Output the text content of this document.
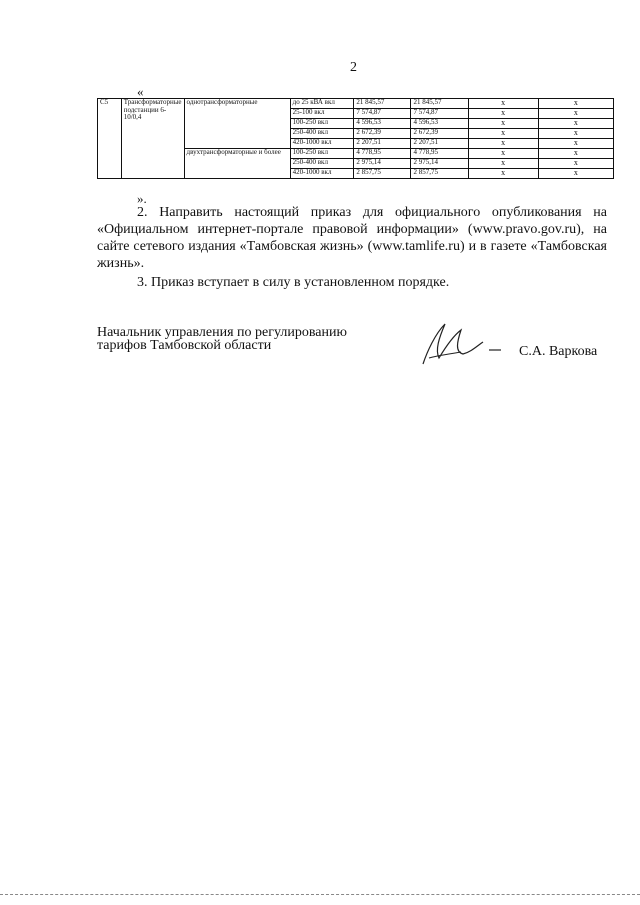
2
«
С5	Трансформаторные подстанции 6-10/0,4	однотрансформаторные	до 25 кВА вкл	21 845,57	21 845,57	х	х
			25-100 вкл	7 574,87	7 574,87	х	х
			100-250 вкл	4 596,53	4 596,53	х	х
			250-400 вкл	2 672,39	2 672,39	х	х
			420-1000 вкл	2 207,51	2 207,51	х	х
		двухтрансформаторные и более	100-250 вкл	4 778,95	4 778,95	х	х
			250-400 вкл	2 975,14	2 975,14	х	х
			420-1000 вкл	2 857,75	2 857,75	х	х
».
2. Направить настоящий приказ для официального опубликования на «Официальном интернет-портале правовой информации» (www.pravo.gov.ru), на сайте сетевого издания «Тамбовская жизнь» (www.tamlife.ru) и в газете «Тамбовская жизнь».
3. Приказ вступает в силу в установленном порядке.
Начальник управления по регулированию
тарифов Тамбовской области	С.А. Варкова
